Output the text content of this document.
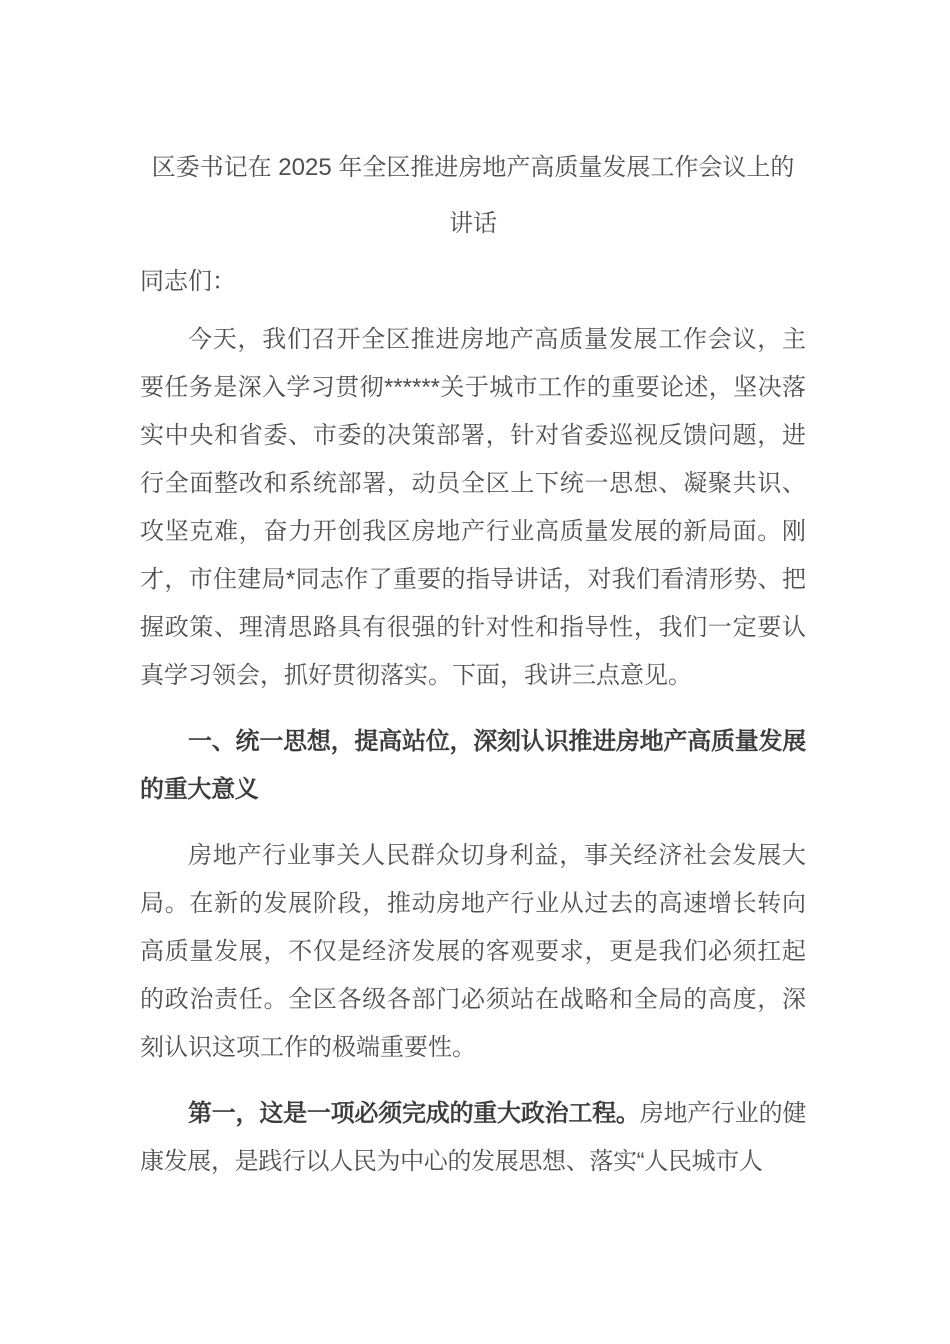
区委书记在 2025 年全区推进房地产高质量发展工作会议上的讲话

同志们：

今天，我们召开全区推进房地产高质量发展工作会议，主要任务是深入学习贯彻******关于城市工作的重要论述，坚决落实中央和省委、市委的决策部署，针对省委巡视反馈问题，进行全面整改和系统部署，动员全区上下统一思想、凝聚共识、攻坚克难，奋力开创我区房地产行业高质量发展的新局面。刚才，市住建局*同志作了重要的指导讲话，对我们看清形势、把握政策、理清思路具有很强的针对性和指导性，我们一定要认真学习领会，抓好贯彻落实。下面，我讲三点意见。

一、统一思想，提高站位，深刻认识推进房地产高质量发展的重大意义

房地产行业事关人民群众切身利益，事关经济社会发展大局。在新的发展阶段，推动房地产行业从过去的高速增长转向高质量发展，不仅是经济发展的客观要求，更是我们必须扛起的政治责任。全区各级各部门必须站在战略和全局的高度，深刻认识这项工作的极端重要性。

第一，这是一项必须完成的重大政治工程。房地产行业的健康发展，是践行以人民为中心的发展思想、落实“人民城市人
